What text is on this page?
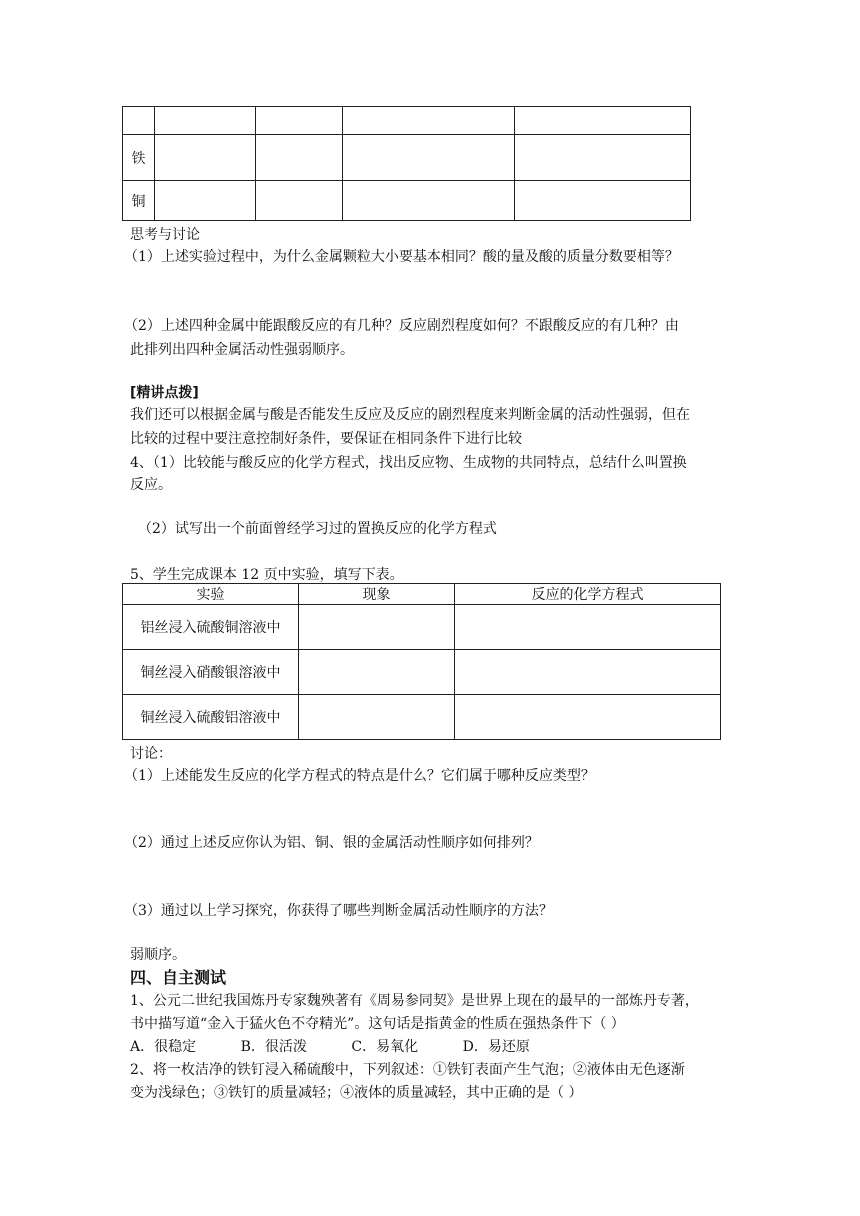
铁				
铜				
思考与讨论
（1）上述实验过程中，为什么金属颗粒大小要基本相同？酸的量及酸的质量分数要相等？
（2）上述四种金属中能跟酸反应的有几种？反应剧烈程度如何？不跟酸反应的有几种？由
此排列出四种金属活动性强弱顺序。
[精讲点拨]
我们还可以根据金属与酸是否能发生反应及反应的剧烈程度来判断金属的活动性强弱，但在
比较的过程中要注意控制好条件，要保证在相同条件下进行比较
4、（1）比较能与酸反应的化学方程式，找出反应物、生成物的共同特点，总结什么叫置换
反应。
（2）试写出一个前面曾经学习过的置换反应的化学方程式
5、学生完成课本 12 页中实验，填写下表。
实验	现象	反应的化学方程式
铝丝浸入硫酸铜溶液中		
铜丝浸入硝酸银溶液中		
铜丝浸入硫酸铝溶液中		
讨论：
（1）上述能发生反应的化学方程式的特点是什么？它们属于哪种反应类型？
（2）通过上述反应你认为铝、铜、银的金属活动性顺序如何排列？
（3）通过以上学习探究，你获得了哪些判断金属活动性顺序的方法？
弱顺序。
四、自主测试
1、公元二世纪我国炼丹专家魏殃著有《周易参同契》是世界上现在的最早的一部炼丹专著，
书中描写道“金入于猛火色不夺精光”。这句话是指黄金的性质在强热条件下（ ）
A．很稳定          B．很活泼          C．易氧化          D．易还原
2、将一枚洁净的铁钉浸入稀硫酸中，下列叙述：①铁钉表面产生气泡；②液体由无色逐渐
变为浅绿色；③铁钉的质量减轻；④液体的质量减轻，其中正确的是（ ）
